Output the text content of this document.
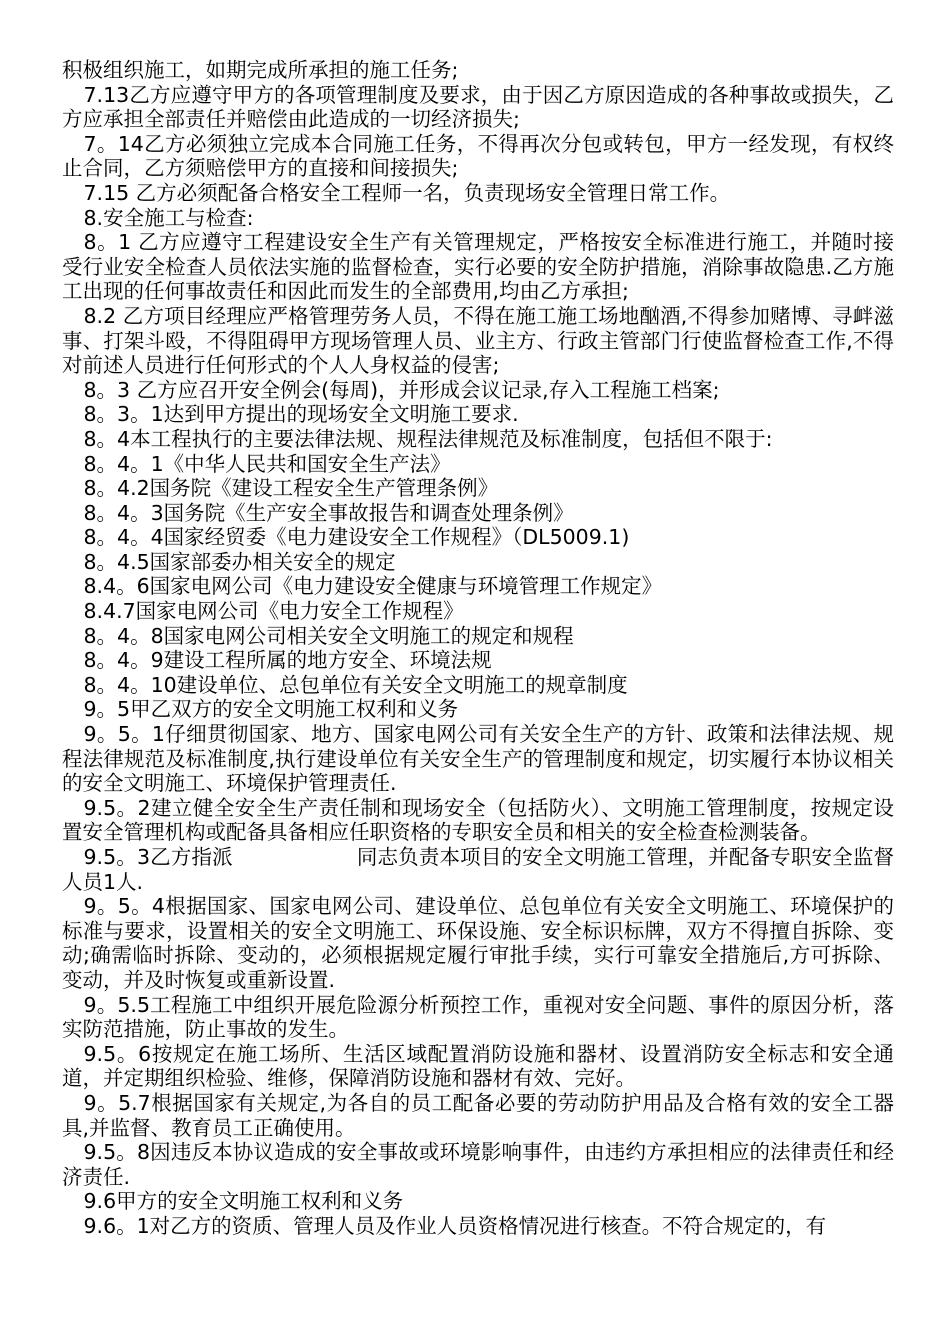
积极组织施工，如期完成所承担的施工任务;

7.13乙方应遵守甲方的各项管理制度及要求，由于因乙方原因造成的各种事故或损失，乙方应承担全部责任并赔偿由此造成的一切经济损失;

7。14乙方必须独立完成本合同施工任务，不得再次分包或转包，甲方一经发现，有权终止合同，乙方须赔偿甲方的直接和间接损失;

7.15 乙方必须配备合格安全工程师一名，负责现场安全管理日常工作。

8.安全施工与检查:

8。1 乙方应遵守工程建设安全生产有关管理规定，严格按安全标准进行施工，并随时接受行业安全检查人员依法实施的监督检查，实行必要的安全防护措施，消除事故隐患.乙方施工出现的任何事故责任和因此而发生的全部费用,均由乙方承担;

8.2 乙方项目经理应严格管理劳务人员，不得在施工施工场地酗酒,不得参加赌博、寻衅滋事、打架斗殴，不得阻碍甲方现场管理人员、业主方、行政主管部门行使监督检查工作,不得对前述人员进行任何形式的个人人身权益的侵害;

8。3 乙方应召开安全例会(每周)，并形成会议记录,存入工程施工档案;

8。3。1达到甲方提出的现场安全文明施工要求.

8。4本工程执行的主要法律法规、规程法律规范及标准制度，包括但不限于:

8。4。1《中华人民共和国安全生产法》

8。4.2国务院《建设工程安全生产管理条例》

8。4。3国务院《生产安全事故报告和调查处理条例》

8。4。4国家经贸委《电力建设安全工作规程》（DL5009.1)

8。4.5国家部委办相关安全的规定

8.4。6国家电网公司《电力建设安全健康与环境管理工作规定》

8.4.7国家电网公司《电力安全工作规程》

8。4。8国家电网公司相关安全文明施工的规定和规程

8。4。9建设工程所属的地方安全、环境法规

8。4。10建设单位、总包单位有关安全文明施工的规章制度

9。5甲乙双方的安全文明施工权利和义务

9。5。1仔细贯彻国家、地方、国家电网公司有关安全生产的方针、政策和法律法规、规程法律规范及标准制度,执行建设单位有关安全生产的管理制度和规定，切实履行本协议相关的安全文明施工、环境保护管理责任.

9.5。2建立健全安全生产责任制和现场安全（包括防火）、文明施工管理制度，按规定设置安全管理机构或配备具备相应任职资格的专职安全员和相关的安全检查检测装备。

9.5。3乙方指派　　　　　　同志负责本项目的安全文明施工管理，并配备专职安全监督人员1人.

9。5。4根据国家、国家电网公司、建设单位、总包单位有关安全文明施工、环境保护的标准与要求，设置相关的安全文明施工、环保设施、安全标识标牌，双方不得擅自拆除、变动;确需临时拆除、变动的，必须根据规定履行审批手续，实行可靠安全措施后,方可拆除、变动，并及时恢复或重新设置.

9。5.5工程施工中组织开展危险源分析预控工作，重视对安全问题、事件的原因分析，落实防范措施，防止事故的发生。

9.5。6按规定在施工场所、生活区域配置消防设施和器材、设置消防安全标志和安全通道，并定期组织检验、维修，保障消防设施和器材有效、完好。

9。5.7根据国家有关规定,为各自的员工配备必要的劳动防护用品及合格有效的安全工器具,并监督、教育员工正确使用。

9.5。8因违反本协议造成的安全事故或环境影响事件，由违约方承担相应的法律责任和经济责任.

9.6甲方的安全文明施工权利和义务

9.6。1对乙方的资质、管理人员及作业人员资格情况进行核查。不符合规定的，有
